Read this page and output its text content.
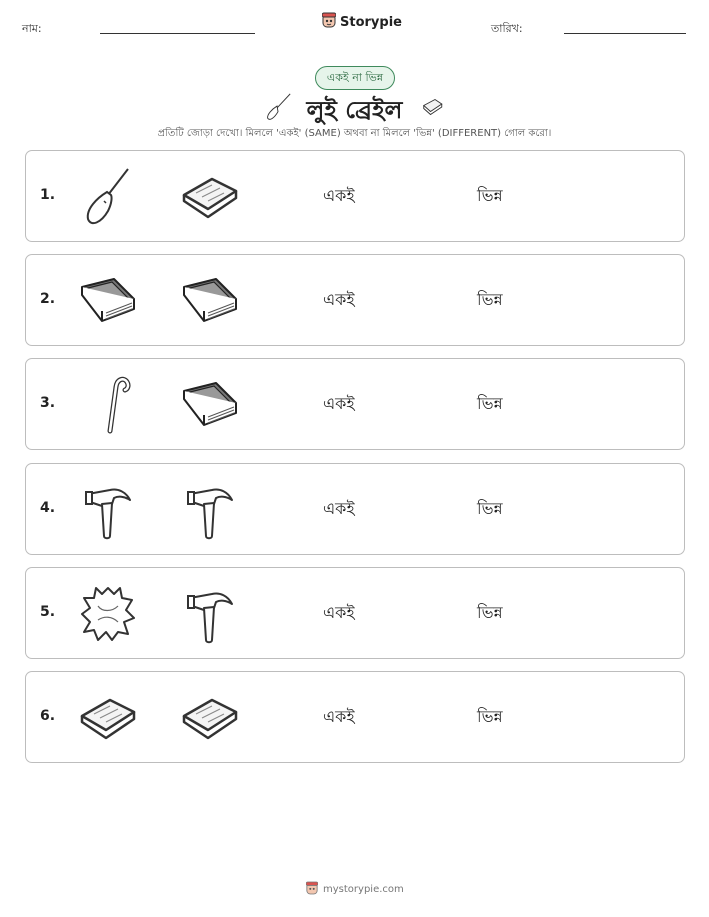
নাম:	Storypie	তারিখ:
একই না ভিন্ন
লুই ব্রেইল
প্রতিটি জোড়া দেখো। মিললে 'একই' (SAME) অথবা না মিললে 'ভিন্ন' (DIFFERENT) গোল করো।
1.	একই	ভিন্ন
2.	একই	ভিন্ন
3.	একই	ভিন্ন
4.	একই	ভিন্ন
5.	একই	ভিন্ন
6.	একই	ভিন্ন
mystorypie.com
